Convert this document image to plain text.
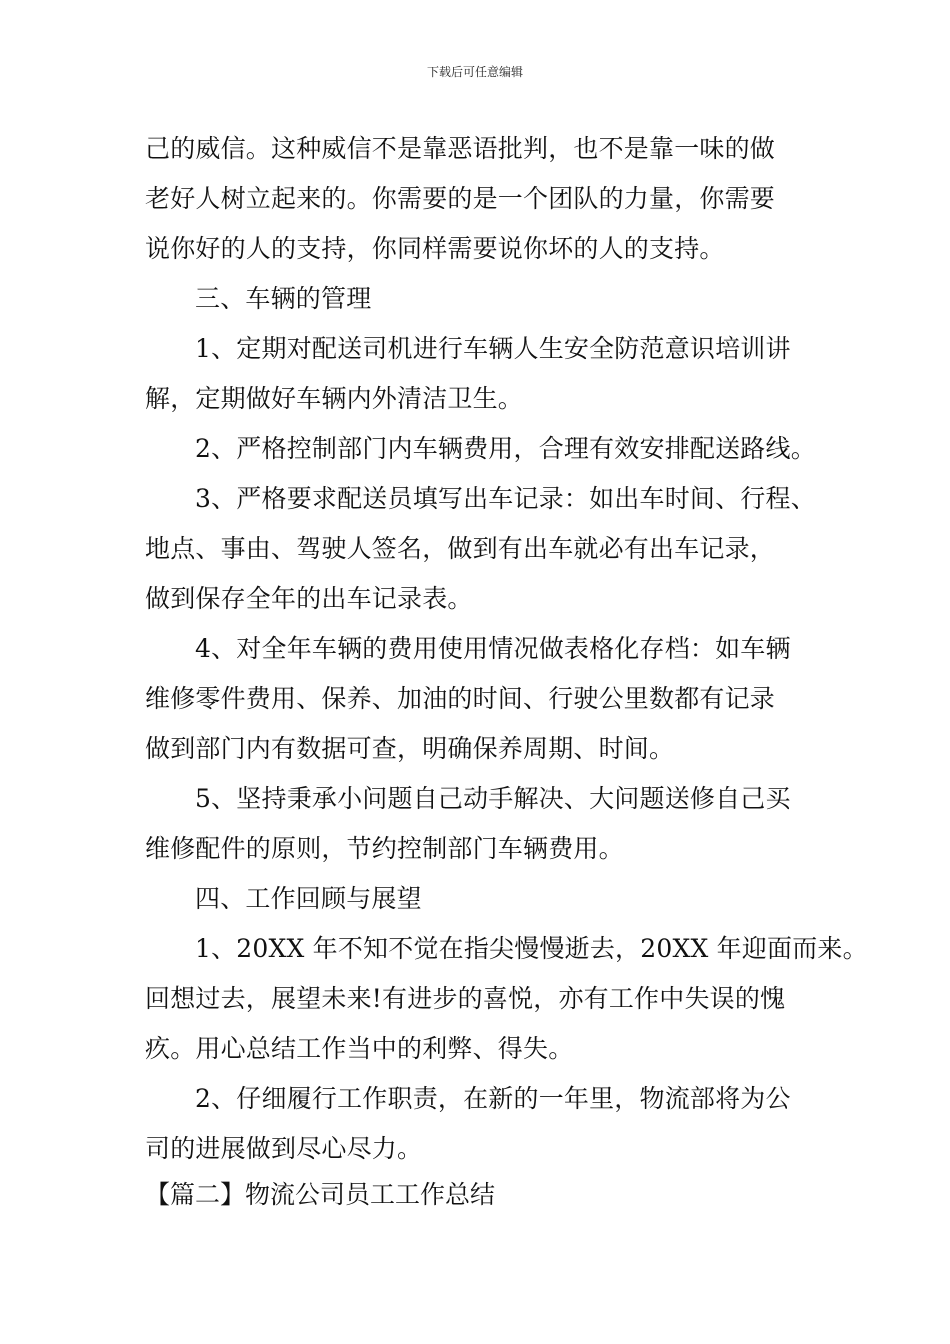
下载后可任意编辑
己的威信。这种威信不是靠恶语批判，也不是靠一味的做
老好人树立起来的。你需要的是一个团队的力量，你需要
说你好的人的支持，你同样需要说你坏的人的支持。
三、车辆的管理
1、定期对配送司机进行车辆人生安全防范意识培训讲
解，定期做好车辆内外清洁卫生。
2、严格控制部门内车辆费用，合理有效安排配送路线。
3、严格要求配送员填写出车记录：如出车时间、行程、
地点、事由、驾驶人签名，做到有出车就必有出车记录，
做到保存全年的出车记录表。
4、对全年车辆的费用使用情况做表格化存档：如车辆
维修零件费用、保养、加油的时间、行驶公里数都有记录
做到部门内有数据可查，明确保养周期、时间。
5、坚持秉承小问题自己动手解决、大问题送修自己买
维修配件的原则，节约控制部门车辆费用。
四、工作回顾与展望
1、20XX 年不知不觉在指尖慢慢逝去，20XX 年迎面而来。
回想过去，展望未来!有进步的喜悦，亦有工作中失误的愧
疚。用心总结工作当中的利弊、得失。
2、仔细履行工作职责，在新的一年里，物流部将为公
司的进展做到尽心尽力。
【篇二】物流公司员工工作总结
